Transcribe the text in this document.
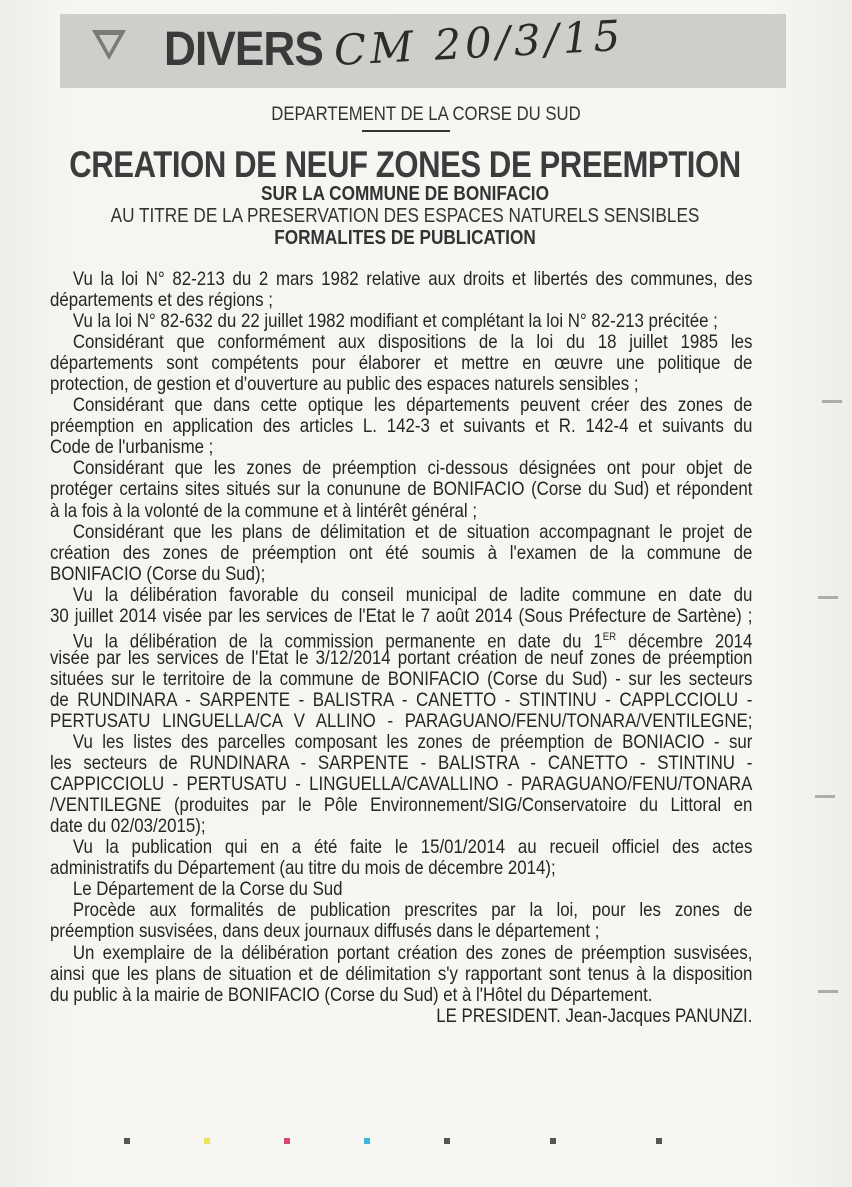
DIVERS CM 20/3/15
DEPARTEMENT DE LA CORSE DU SUD
CREATION DE NEUF ZONES DE PREEMPTION
SUR LA COMMUNE DE BONIFACIO
AU TITRE DE LA PRESERVATION DES ESPACES NATURELS SENSIBLES
FORMALITES DE PUBLICATION
Vu la loi N° 82-213 du 2 mars 1982 relative aux droits et libertés des communes, des
départements et des régions ;
Vu la loi N° 82-632 du 22 juillet 1982 modifiant et complétant la loi N° 82-213 précitée ;
Considérant que conformément aux dispositions de la loi du 18 juillet 1985 les
départements sont compétents pour élaborer et mettre en œuvre une politique de
protection, de gestion et d'ouverture au public des espaces naturels sensibles ;
Considérant que dans cette optique les départements peuvent créer des zones de
préemption en application des articles L. 142-3 et suivants et R. 142-4 et suivants du
Code de l'urbanisme ;
Considérant que les zones de préemption ci-dessous désignées ont pour objet de
protéger certains sites situés sur la conunune de BONIFACIO (Corse du Sud) et répondent
à la fois à la volonté de la commune et à lintérêt général ;
Considérant que les plans de délimitation et de situation accompagnant le projet de
création des zones de préemption ont été soumis à l'examen de la commune de
BONIFACIO (Corse du Sud);
Vu la délibération favorable du conseil municipal de ladite commune en date du
30 juillet 2014 visée par les services de l'Etat le 7 août 2014 (Sous Préfecture de Sartène) ;
Vu la délibération de la commission permanente en date du 1ER décembre 2014
visée par les services de l'Etat le 3/12/2014 portant création de neuf zones de préemption
situées sur le territoire de la commune de BONIFACIO (Corse du Sud) - sur les secteurs
de RUNDINARA - SARPENTE - BALISTRA - CANETTO - STINTINU - CAPPLCCIOLU -
PERTUSATU LINGUELLA/CA V ALLINO - PARAGUANO/FENU/TONARA/VENTILEGNE;
Vu les listes des parcelles composant les zones de préemption de BONIACIO - sur
les secteurs de RUNDINARA - SARPENTE - BALISTRA - CANETTO - STINTINU -
CAPPICCIOLU - PERTUSATU - LINGUELLA/CAVALLINO - PARAGUANO/FENU/TONARA
/VENTILEGNE (produites par le Pôle Environnement/SIG/Conservatoire du Littoral en
date du 02/03/2015);
Vu la publication qui en a été faite le 15/01/2014 au recueil officiel des actes
administratifs du Département (au titre du mois de décembre 2014);
Le Département de la Corse du Sud
Procède aux formalités de publication prescrites par la loi, pour les zones de
préemption susvisées, dans deux journaux diffusés dans le département ;
Un exemplaire de la délibération portant création des zones de préemption susvisées,
ainsi que les plans de situation et de délimitation s'y rapportant sont tenus à la disposition
du public à la mairie de BONIFACIO (Corse du Sud) et à l'Hôtel du Département.
LE PRESIDENT. Jean-Jacques PANUNZI.
